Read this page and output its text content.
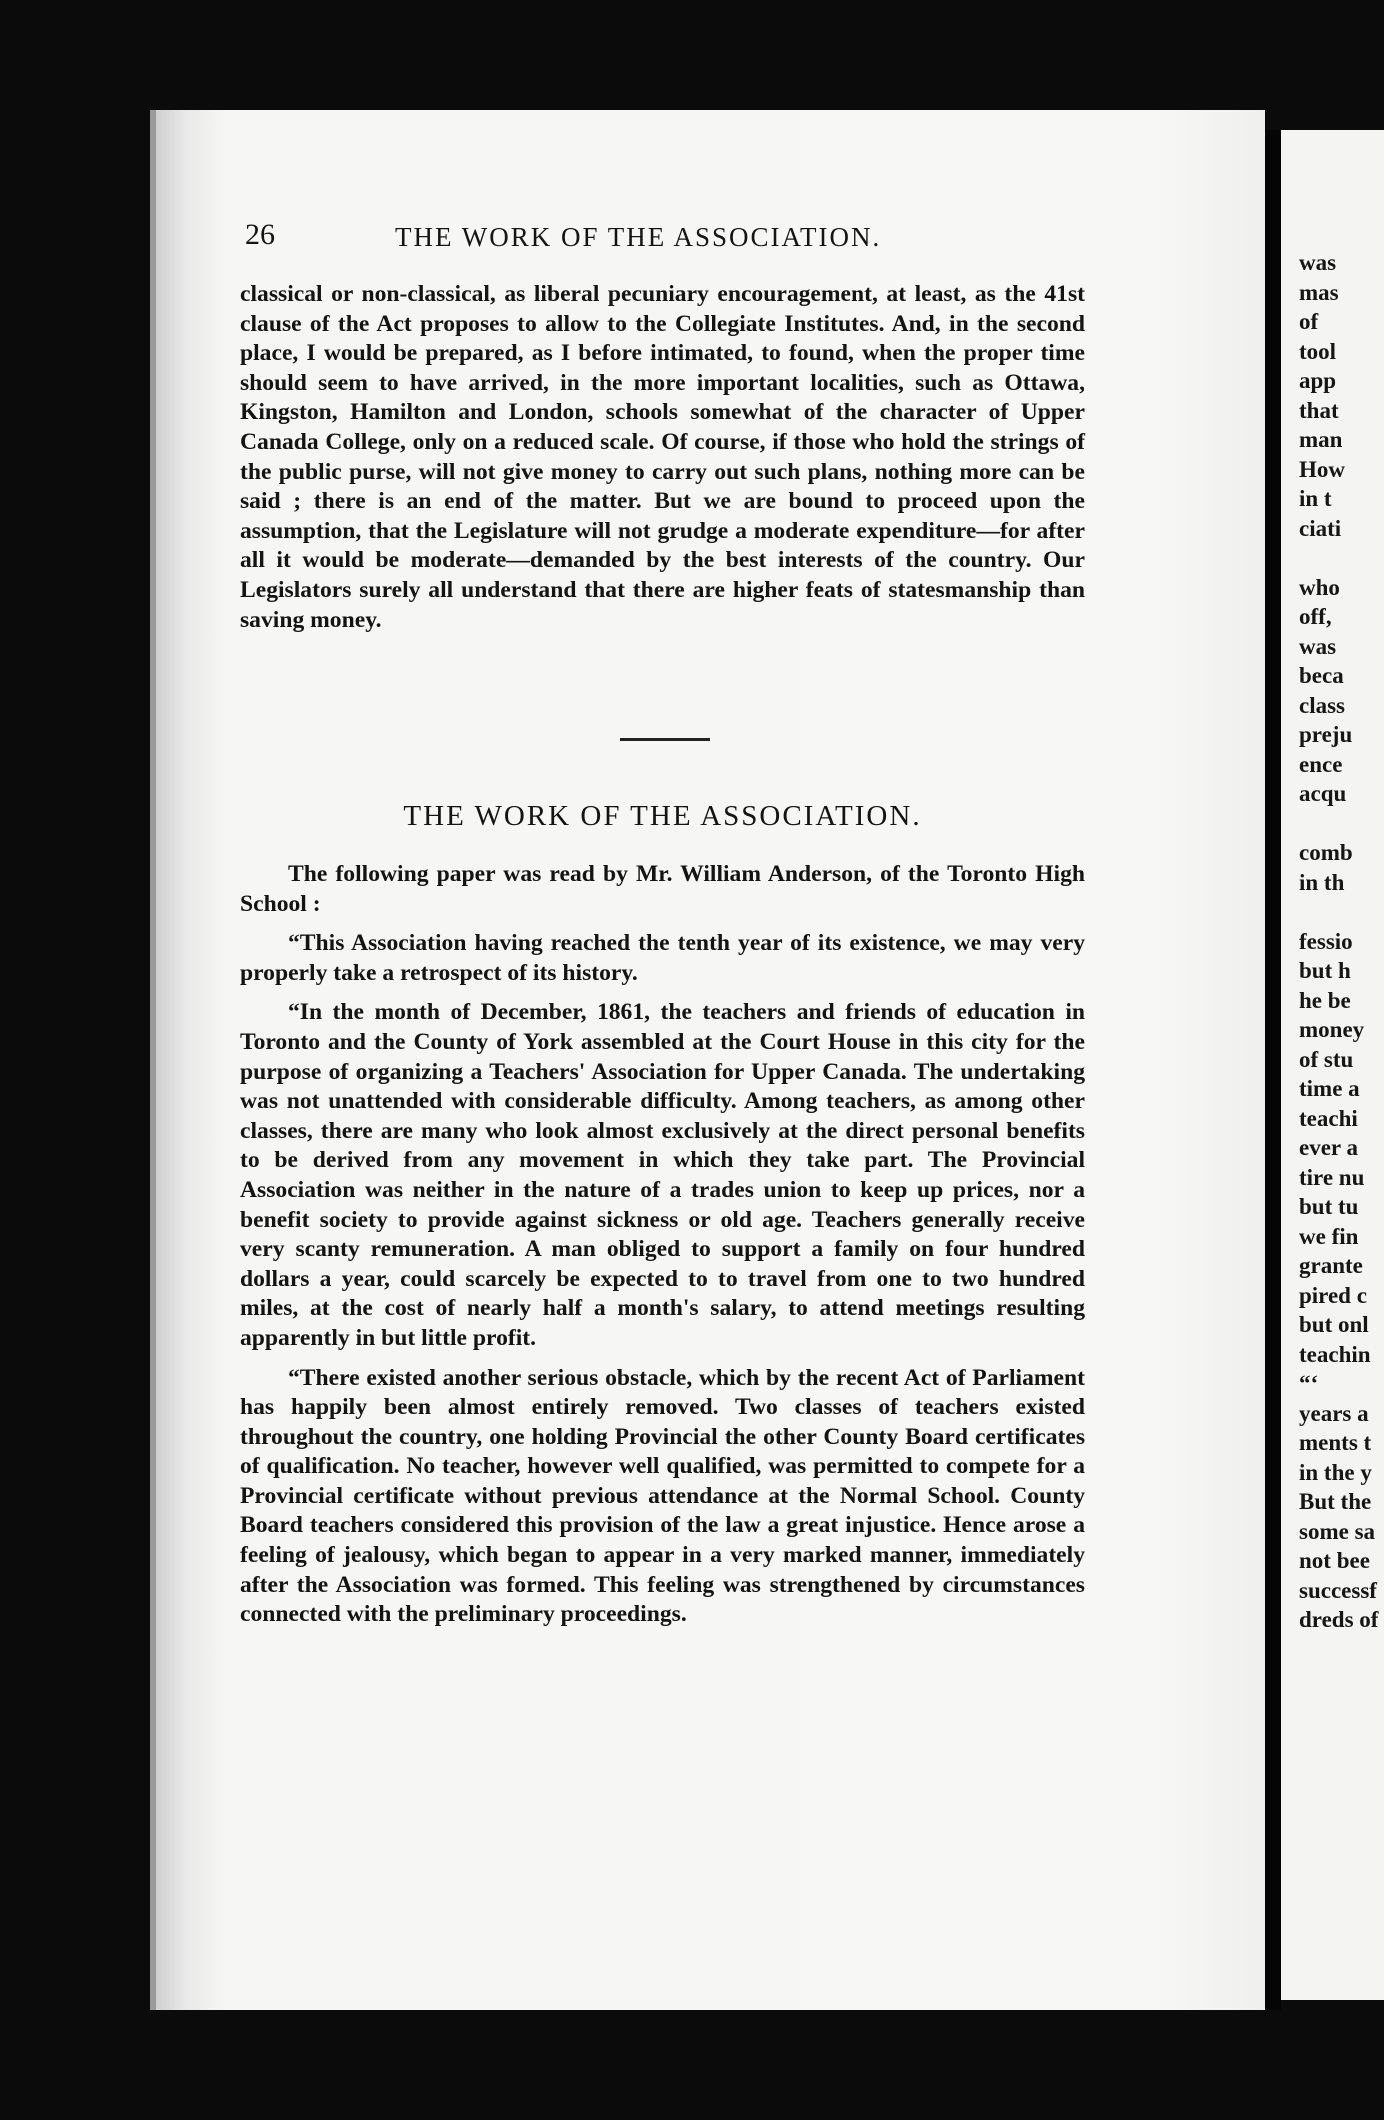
was
mas
of
tool
app
that
man
How
in t
ciati
who
off,
was
beca
class
preju
ence
acqu
comb
in th
fessio
but h
he be
money
of stu
time a
teachi
ever a
tire nu
but tu
we fin
grante
pired c
but onl
teachin
“‘
years a
ments t
in the y
But the
some sa
not bee
successf
dreds of
26	THE WORK OF THE ASSOCIATION.

classical or non-classical, as liberal pecuniary encouragement, at least, as the 41st clause of the Act proposes to allow to the Collegiate Institutes. And, in the second place, I would be prepared, as I before intimated, to found, when the proper time should seem to have arrived, in the more important localities, such as Ottawa, Kingston, Hamilton and London, schools somewhat of the character of Upper Canada College, only on a reduced scale. Of course, if those who hold the strings of the public purse, will not give money to carry out such plans, nothing more can be said ; there is an end of the matter. But we are bound to proceed upon the assumption, that the Legislature will not grudge a moderate expenditure—for after all it would be moderate—demanded by the best interests of the country. Our Legislators surely all understand that there are higher feats of statesmanship than saving money.

THE WORK OF THE ASSOCIATION.

The following paper was read by Mr. William Anderson, of the Toronto High School :

“This Association having reached the tenth year of its existence, we may very properly take a retrospect of its history.

“In the month of December, 1861, the teachers and friends of education in Toronto and the County of York assembled at the Court House in this city for the purpose of organizing a Teachers' Association for Upper Canada. The undertaking was not unattended with considerable difficulty. Among teachers, as among other classes, there are many who look almost exclusively at the direct personal benefits to be derived from any movement in which they take part. The Provincial Association was neither in the nature of a trades union to keep up prices, nor a benefit society to provide against sickness or old age. Teachers generally receive very scanty remuneration. A man obliged to support a family on four hundred dollars a year, could scarcely be expected to to travel from one to two hundred miles, at the cost of nearly half a month's salary, to attend meetings resulting apparently in but little profit.

“There existed another serious obstacle, which by the recent Act of Parliament has happily been almost entirely removed. Two classes of teachers existed throughout the country, one holding Provincial the other County Board certificates of qualification. No teacher, however well qualified, was permitted to compete for a Provincial certificate without previous attendance at the Normal School. County Board teachers considered this provision of the law a great injustice. Hence arose a feeling of jealousy, which began to appear in a very marked manner, immediately after the Association was formed. This feeling was strengthened by circumstances connected with the preliminary proceedings.
